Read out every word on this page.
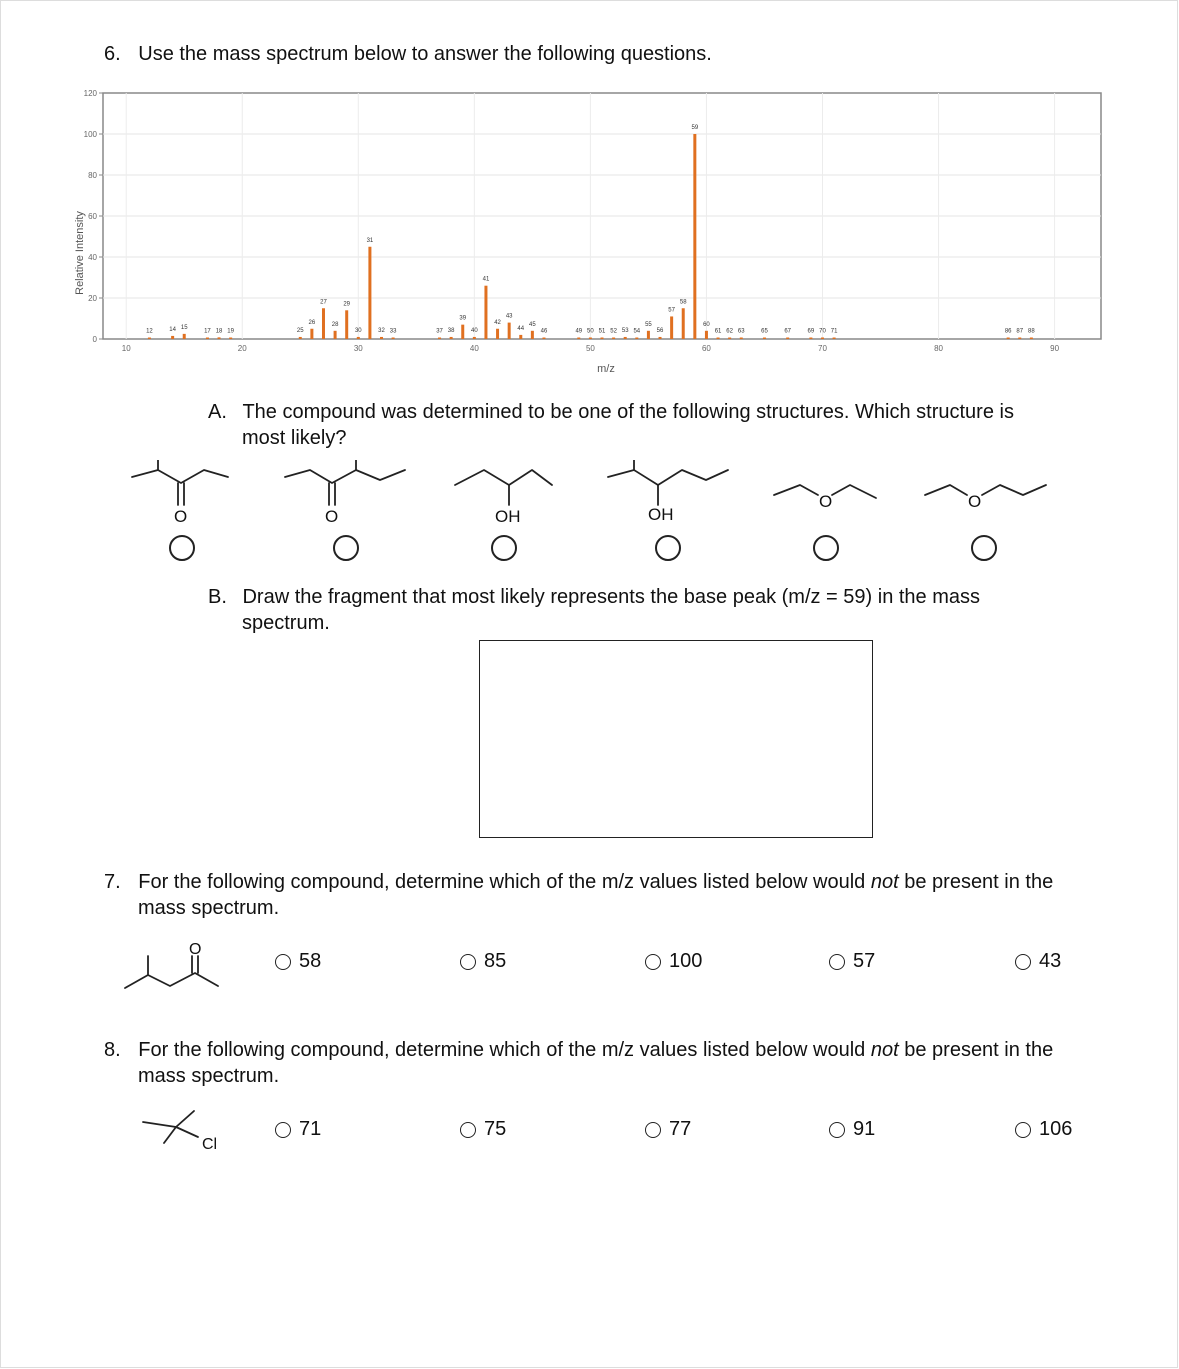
6. Use the mass spectrum below to answer the following questions.
0
20
40
60
80
100
120
10	20	30	40	50	60	70	80	90
12	14 15
17 18 19	25
26
27
28
29
30
31
32 33	37 38
39
40
41
42
43
44
45
46	49 50 51 52 53 54
55
56
57
58
59
60
61 62 63	65	67	69 70 71	86 87 88
m/z
Relative Intensity
A. The compound was determined to be one of the following structures. Which structure is
most likely?
O	O	OH	OH
O	O
B. Draw the fragment that most likely represents the base peak (m/z = 59) in the mass
spectrum.
7. For the following compound, determine which of the m/z values listed below would not be present in the
mass spectrum.
O
58	85	100	57	43
8. For the following compound, determine which of the m/z values listed below would not be present in the
mass spectrum.
Cl
71	75	77	91	106
